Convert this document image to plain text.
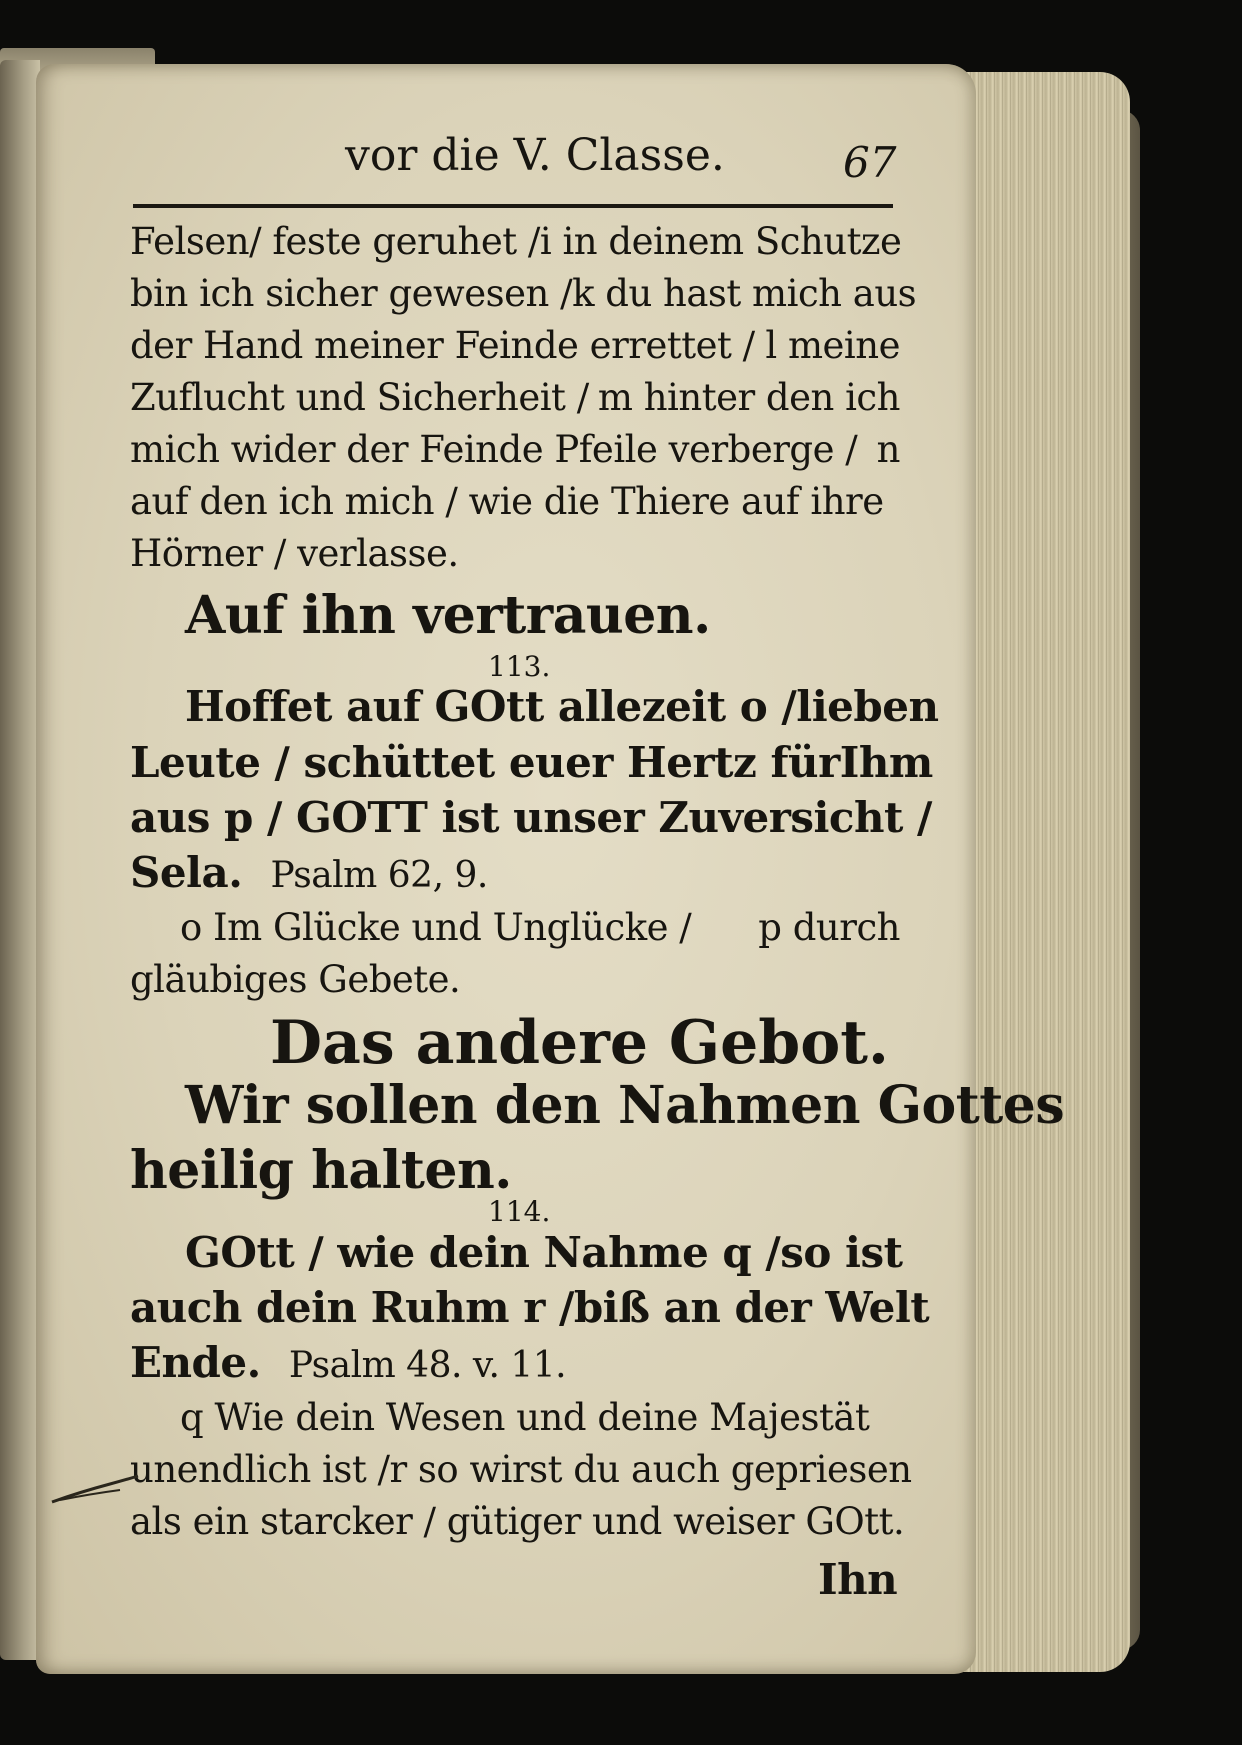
vor die V. Classe.	67
Felsen/ feste geruhet / i in deinem Schutze
bin ich sicher gewesen / k du hast mich aus
der Hand meiner Feinde errettet / l meine
Zuflucht und Sicherheit / m hinter den ich
mich wider der Feinde Pfeile verberge / n
auf den ich mich / wie die Thiere auf ihre
Hörner / verlasse.
Auf ihn vertrauen.
113.
Hoffet auf GOtt allezeit o / lieben
Leute / schüttet euer Hertz für Ihm
aus p / GOTT ist unser Zuversicht /
Sela. Psalm 62, 9.
o Im Glücke und Unglücke / p durch
gläubiges Gebete.
Das andere Gebot.
Wir sollen den Nahmen Gottes
heilig halten.
114.
GOtt / wie dein Nahme q / so ist
auch dein Ruhm r / biß an der Welt
Ende. Psalm 48. v. 11.
q Wie dein Wesen und deine Majestät
unendlich ist / r so wirst du auch gepriesen
als ein starcker / gütiger und weiser GOtt.
Ihn
